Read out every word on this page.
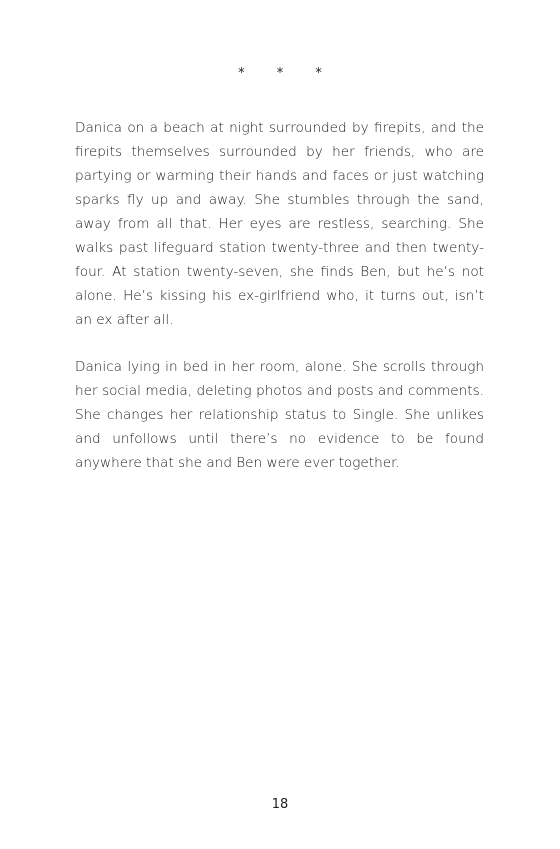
* * *

Danica on a beach at night surrounded by firepits, and the firepits themselves surrounded by her friends, who are partying or warming their hands and faces or just watching sparks fly up and away. She stumbles through the sand, away from all that. Her eyes are restless, searching. She walks past lifeguard station twenty-three and then twenty-four. At station twenty-seven, she finds Ben, but he’s not alone. He’s kissing his ex-girlfriend who, it turns out, isn’t an ex after all.

Danica lying in bed in her room, alone. She scrolls through her social media, deleting photos and posts and comments. She changes her relationship status to Single. She unlikes and unfollows until there’s no evidence to be found anywhere that she and Ben were ever together.

18
